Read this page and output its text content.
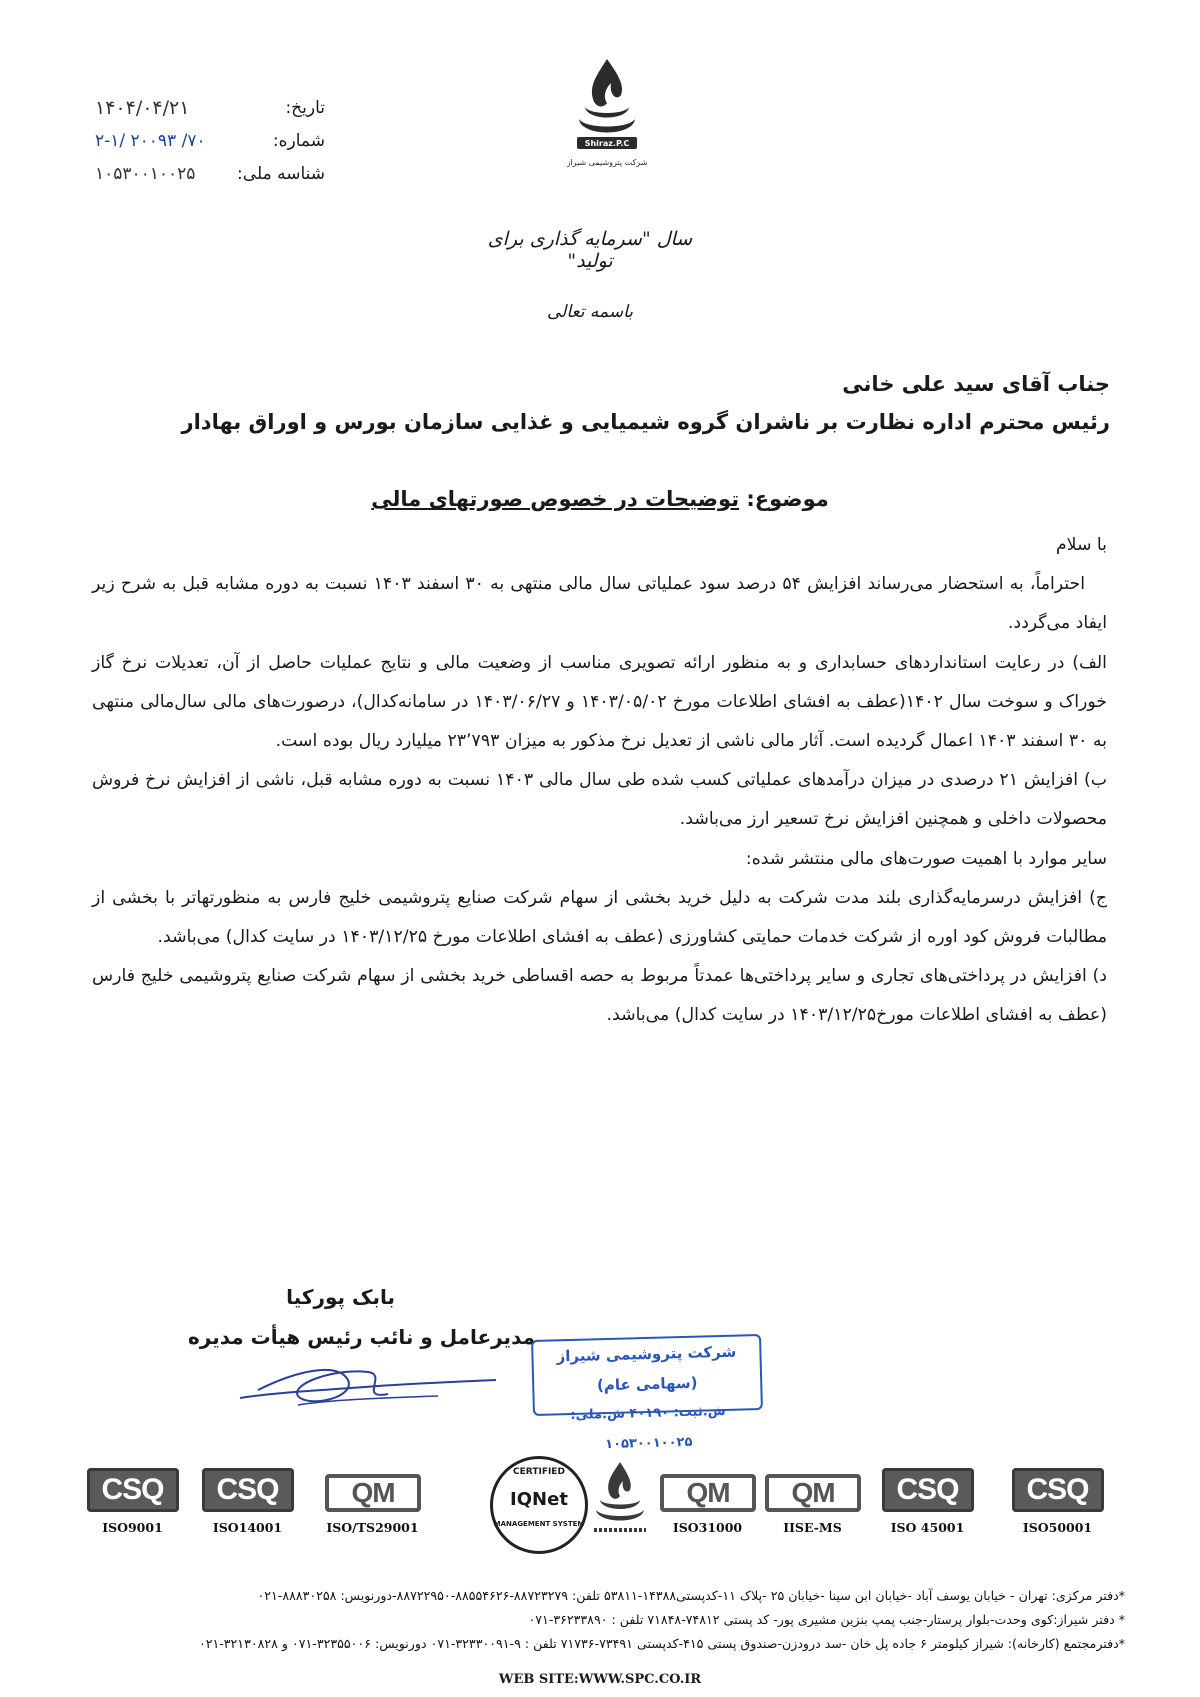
تاریخ:
۱۴۰۴/۰۴/۲۱
شماره:
۲-۱/ ۲۰۰۹۳ /۷۰
شناسه ملی:
۱۰۵۳۰۰۱۰۰۲۵
Shiraz.P.C
شرکت پتروشیمی شیراز
سال "سرمایه گذاری برای تولید"
باسمه تعالی
جناب آقای سید علی خانی
رئیس محترم اداره نظارت بر ناشران گروه شیمیایی و غذایی سازمان بورس و اوراق بهادار
موضوع: توضیحات در خصوص صورتهای مالی

با سلام

احتراماً، به استحضار می‌رساند افزایش ۵۴ درصد سود عملیاتی سال مالی منتهی به ۳۰ اسفند ۱۴۰۳ نسبت به دوره مشابه قبل به شرح زیر ایفاد می‌گردد.

الف) در رعایت استانداردهای حسابداری و به منظور ارائه تصویری مناسب از وضعیت مالی و نتایج عملیات حاصل از آن، تعدیلات نرخ گاز خوراک و سوخت سال ۱۴۰۲(عطف به افشای اطلاعات مورخ ۱۴۰۳/۰۵/۰۲ و ۱۴۰۳/۰۶/۲۷ در سامانه‌کدال)، درصورت‌های مالی سال‌مالی منتهی به ۳۰ اسفند ۱۴۰۳ اعمال گردیده است. آثار مالی ناشی از تعدیل نرخ مذکور به میزان ۲۳٬۷۹۳ میلیارد ریال بوده است.

ب) افزایش ۲۱ درصدی در میزان درآمدهای عملیاتی کسب شده طی سال مالی ۱۴۰۳ نسبت به دوره مشابه قبل، ناشی از افزایش نرخ فروش محصولات داخلی و همچنین افزایش نرخ تسعیر ارز می‌باشد.

سایر موارد با اهمیت صورت‌های مالی منتشر شده:

ج) افزایش درسرمایه‌گذاری بلند مدت شرکت به دلیل خرید بخشی از سهام شرکت صنایع پتروشیمی خلیج فارس به منظورتهاتر با بخشی از مطالبات فروش کود اوره از شرکت خدمات حمایتی کشاورزی (عطف به افشای اطلاعات مورخ ۱۴۰۳/۱۲/۲۵ در سایت کدال) می‌باشد.

د) افزایش در پرداختی‌های تجاری و سایر پرداختی‌ها عمدتاً مربوط به حصه اقساطی خرید بخشی از سهام شرکت صنایع پتروشیمی خلیج فارس (عطف به افشای اطلاعات مورخ۱۴۰۳/۱۲/۲۵ در سایت کدال) می‌باشد.

بابک پورکیا
مدیرعامل و نائب رئیس هیأت مدیره
شرکت پتروشیمی شیراز (سهامی عام)
ش.ثبت: ۴۰۱۹۰ ش.ملی: ۱۰۵۳۰۰۱۰۰۲۵
CSQ
ISO9001
CSQ
ISO14001
QM
ISO/TS29001
CERTIFIED
IQNet
MANAGEMENT SYSTEM
QM
ISO31000
QM
IISE-MS
CSQ
ISO 45001
CSQ
ISO50001

*دفتر مرکزی: تهران - خیابان یوسف آباد -خیابان ابن سینا -خیابان ۲۵ -پلاک ۱۱-کدپستی۱۴۳۸۸-۵۳۸۱۱ تلفن: ۸۸۷۲۳۲۷۹-۸۸۵۵۴۶۲۶-۸۸۷۲۲۹۵۰-دورنویس: ۸۸۸۳۰۲۵۸-۰۲۱

* دفتر شیراز:کوی وحدت-بلوار پرستار-جنب پمپ بنزین مشیری پور- کد پستی ۷۴۸۱۲-۷۱۸۴۸ تلفن : ۳۶۲۳۳۸۹۰-۰۷۱

*دفترمجتمع (کارخانه): شیراز کیلومتر ۶ جاده پل خان -سد درودزن-صندوق پستی ۴۱۵-کدپستی ۷۳۴۹۱-۷۱۷۳۶ تلفن : ۹-۳۲۳۳۰۰۹۱-۰۷۱ دورنویس: ۳۲۳۵۵۰۰۶-۰۷۱ و ۳۲۱۳۰۸۲۸-۰۲۱

WEB SITE:WWW.SPC.CO.IR
